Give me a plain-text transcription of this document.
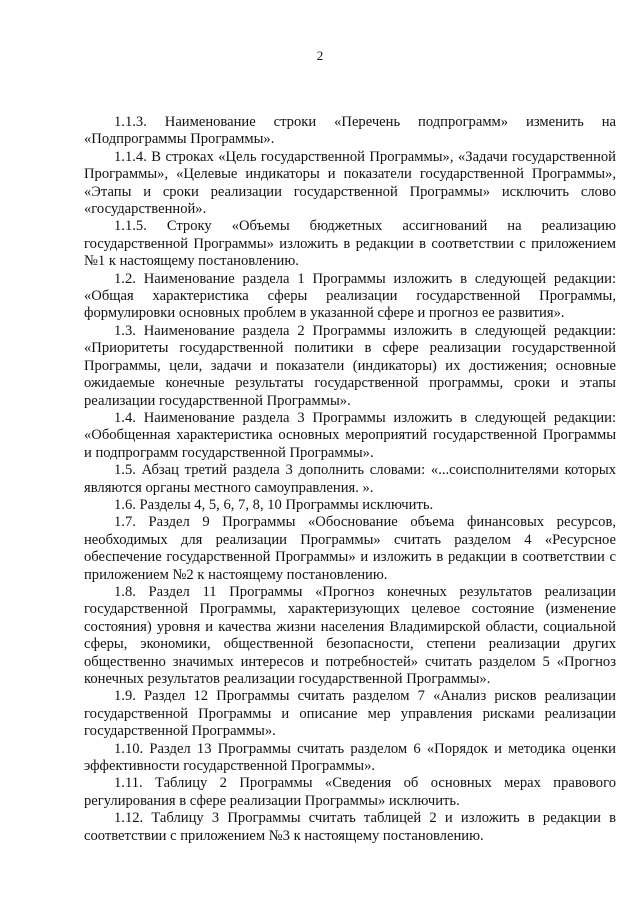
2

1.1.3. Наименование строки «Перечень подпрограмм» изменить на «Подпрограммы Программы».

1.1.4. В строках «Цель государственной Программы», «Задачи государственной Программы», «Целевые индикаторы и показатели государственной Программы», «Этапы и сроки реализации государственной Программы» исключить слово «государственной».

1.1.5. Строку «Объемы бюджетных ассигнований на реализацию государственной Программы» изложить в редакции в соответствии с приложением №1 к настоящему постановлению.

1.2. Наименование раздела 1 Программы изложить в следующей редакции: «Общая характеристика сферы реализации государственной Программы, формулировки основных проблем в указанной сфере и прогноз ее развития».

1.3. Наименование раздела 2 Программы изложить в следующей редакции: «Приоритеты государственной политики в сфере реализации государственной Программы, цели, задачи и показатели (индикаторы) их достижения; основные ожидаемые конечные результаты государственной программы, сроки и этапы реализации государственной Программы».

1.4. Наименование раздела 3 Программы изложить в следующей редакции: «Обобщенная характеристика основных мероприятий государственной Программы и подпрограмм государственной Программы».

1.5. Абзац третий раздела 3 дополнить словами: «...соисполнителями которых являются органы местного самоуправления. ».

1.6. Разделы 4, 5, 6, 7, 8, 10 Программы исключить.

1.7. Раздел 9 Программы «Обоснование объема финансовых ресурсов, необходимых для реализации Программы» считать разделом 4 «Ресурсное обеспечение государственной Программы» и изложить в редакции в соответствии с приложением №2 к настоящему постановлению.

1.8. Раздел 11 Программы «Прогноз конечных результатов реализации государственной Программы, характеризующих целевое состояние (изменение состояния) уровня и качества жизни населения Владимирской области, социальной сферы, экономики, общественной безопасности, степени реализации других общественно значимых интересов и потребностей» считать разделом 5 «Прогноз конечных результатов реализации государственной Программы».

1.9. Раздел 12 Программы считать разделом 7 «Анализ рисков реализации государственной Программы и описание мер управления рисками реализации государственной Программы».

1.10. Раздел 13 Программы считать разделом 6 «Порядок и методика оценки эффективности государственной Программы».

1.11. Таблицу 2 Программы «Сведения об основных мерах правового регулирования в сфере реализации Программы» исключить.

1.12. Таблицу 3 Программы считать таблицей 2 и изложить в редакции в соответствии с приложением №3 к настоящему постановлению.
